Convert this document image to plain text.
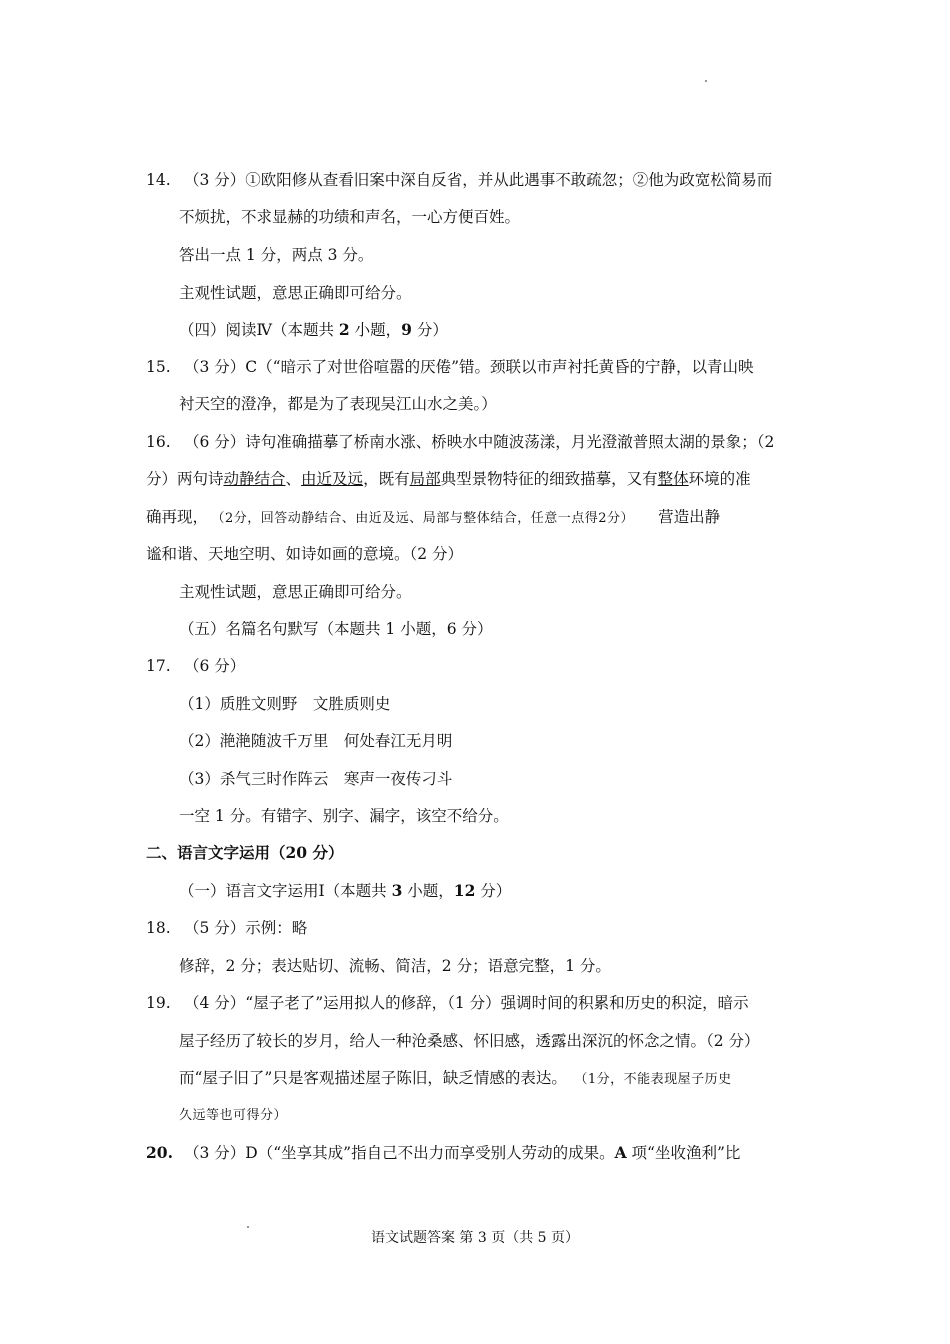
14. （3 分）①欧阳修从查看旧案中深自反省，并从此遇事不敢疏忽；②他为政宽松简易而
不烦扰，不求显赫的功绩和声名，一心方便百姓。
答出一点 1 分，两点 3 分。
主观性试题，意思正确即可给分。
（四）阅读Ⅳ（本题共 2 小题，9 分）
15. （3 分）C（“暗示了对世俗喧嚣的厌倦”错。颈联以市声衬托黄昏的宁静，以青山映
衬天空的澄净，都是为了表现吴江山水之美。）
16. （6 分）诗句准确描摹了桥南水涨、桥映水中随波荡漾，月光澄澈普照太湖的景象；（2
分）两句诗动静结合、由近及远，既有局部典型景物特征的细致描摹，又有整体环境的准
确再现， （2分，回答动静结合、由近及远、局部与整体结合，任意一点得2分） 营造出静
谧和谐、天地空明、如诗如画的意境。（2 分）
主观性试题，意思正确即可给分。
（五）名篇名句默写（本题共 1 小题，6 分）
17. （6 分）
（1）质胜文则野　文胜质则史
（2）滟滟随波千万里　何处春江无月明
（3）杀气三时作阵云　寒声一夜传刁斗
一空 1 分。有错字、别字、漏字，该空不给分。
二、语言文字运用（20 分）
（一）语言文字运用Ⅰ（本题共 3 小题，12 分）
18. （5 分）示例：略
修辞，2 分；表达贴切、流畅、简洁，2 分；语意完整，1 分。
19. （4 分）“屋子老了”运用拟人的修辞，（1 分）强调时间的积累和历史的积淀，暗示
屋子经历了较长的岁月，给人一种沧桑感、怀旧感，透露出深沉的怀念之情。（2 分）
而“屋子旧了”只是客观描述屋子陈旧，缺乏情感的表达。 （1分，不能表现屋子历史
久远等也可得分）
20. （3 分）D（“坐享其成”指自己不出力而享受别人劳动的成果。A 项“坐收渔利”比
语文试题答案 第 3 页（共 5 页）
